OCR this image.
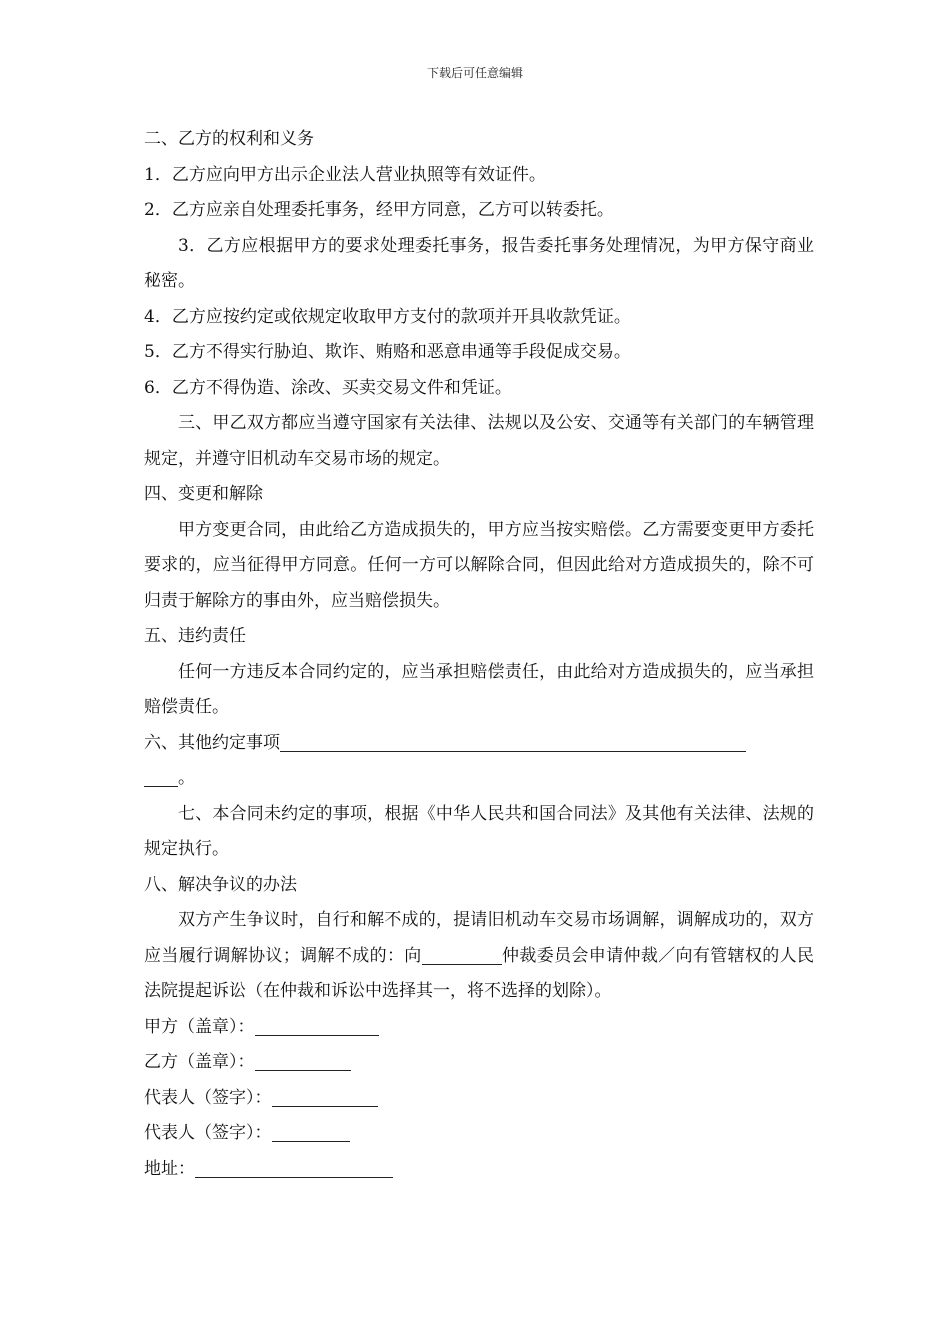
下载后可任意编辑

二、乙方的权利和义务

1．乙方应向甲方出示企业法人营业执照等有效证件。

2．乙方应亲自处理委托事务，经甲方同意，乙方可以转委托。

3．乙方应根据甲方的要求处理委托事务，报告委托事务处理情况，为甲方保守商业秘密。

4．乙方应按约定或依规定收取甲方支付的款项并开具收款凭证。

5．乙方不得实行胁迫、欺诈、贿赂和恶意串通等手段促成交易。

6．乙方不得伪造、涂改、买卖交易文件和凭证。

三、甲乙双方都应当遵守国家有关法律、法规以及公安、交通等有关部门的车辆管理规定，并遵守旧机动车交易市场的规定。

四、变更和解除

甲方变更合同，由此给乙方造成损失的，甲方应当按实赔偿。乙方需要变更甲方委托要求的，应当征得甲方同意。任何一方可以解除合同，但因此给对方造成损失的，除不可归责于解除方的事由外，应当赔偿损失。

五、违约责任

任何一方违反本合同约定的，应当承担赔偿责任，由此给对方造成损失的，应当承担赔偿责任。

六、其他约定事项

。

七、本合同未约定的事项，根据《中华人民共和国合同法》及其他有关法律、法规的规定执行。

八、解决争议的办法

双方产生争议时，自行和解不成的，提请旧机动车交易市场调解，调解成功的，双方应当履行调解协议；调解不成的：向	仲裁委员会申请仲裁／向有管辖权的人民法院提起诉讼（在仲裁和诉讼中选择其一，将不选择的划除）。

甲方（盖章）：

乙方（盖章）：

代表人（签字）：

代表人（签字）：

地址：
